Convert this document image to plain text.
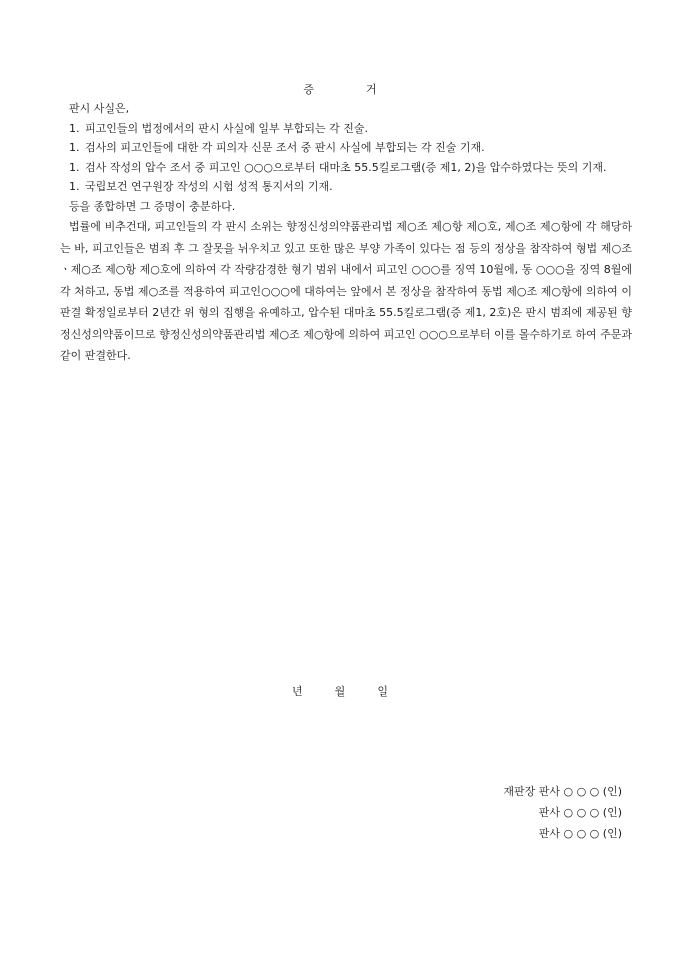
증	거
판시 사실은,
1. 피고인들의 법정에서의 판시 사실에 일부 부합되는 각 진술.
1. 검사의 피고인들에 대한 각 피의자 신문 조서 중 판시 사실에 부합되는 각 진술 기재.
1. 검사 작성의 압수 조서 중 피고인 ○○○으로부터 대마초 55.5킬로그램(증 제1, 2)을 압수하였다는 뜻의 기재.
1. 국립보건 연구원장 작성의 시험 성적 통지서의 기재.
등을 종합하면 그 증명이 충분하다.
법률에 비추건대, 피고인들의 각 판시 소위는 향정신성의약품관리법 제○조 제○항 제○호, 제○조 제○항에 각 해당하는 바, 피고인들은 범죄 후 그 잘못을 뉘우치고 있고 또한 많은 부양 가족이 있다는 점 등의 정상을 참작하여 형법 제○조ㆍ제○조 제○항 제○호에 의하여 각 작량감경한 형기 범위 내에서 피고인 ○○○를 징역 10월에, 동 ○○○을 징역 8월에 각 처하고, 동법 제○조를 적용하여 피고인○○○에 대하여는 앞에서 본 정상을 참작하여 동법 제○조 제○항에 의하여 이 판결 확정일로부터 2년간 위 형의 집행을 유예하고, 압수된 대마초 55.5킬로그램(증 제1, 2호)은 판시 범죄에 제공된 향정신성의약품이므로 향정신성의약품관리법 제○조 제○항에 의하여 피고인 ○○○으로부터 이를 몰수하기로 하여 주문과 같이 판결한다.
년	월	일
재판장 판사 ○ ○ ○ (인)
판사 ○ ○ ○ (인)
판사 ○ ○ ○ (인)
